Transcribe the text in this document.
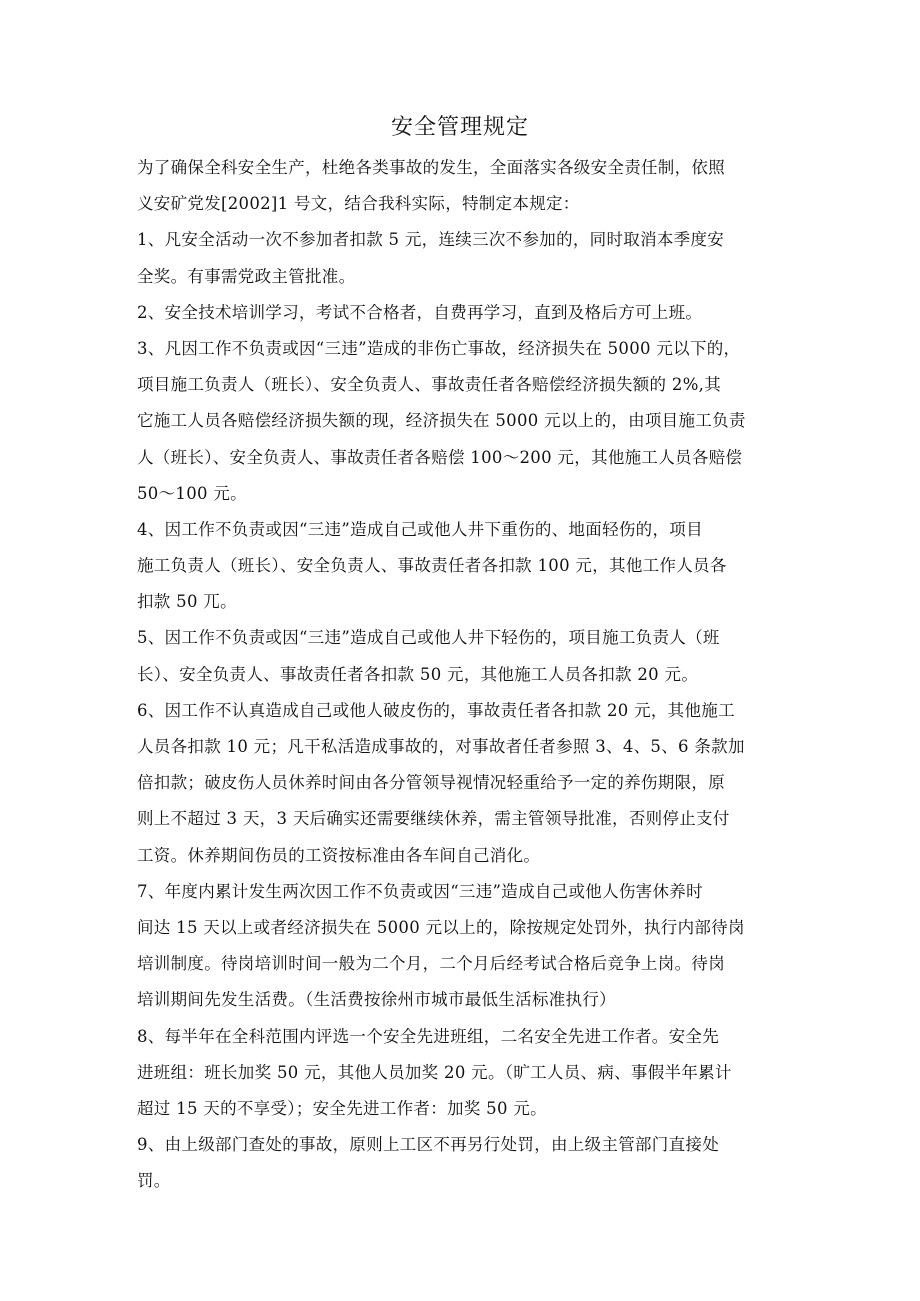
安全管理规定
为了确保全科安全生产，杜绝各类事故的发生，全面落实各级安全责任制，依照
义安矿党发[2002]1 号文，结合我科实际，特制定本规定：
1、凡安全活动一次不参加者扣款 5 元，连续三次不参加的，同时取消本季度安
全奖。有事需党政主管批准。
2、安全技术培训学习，考试不合格者，自费再学习，直到及格后方可上班。
3、凡因工作不负责或因“三违”造成的非伤亡事故，经济损失在 5000 元以下的，
项目施工负责人（班长）、安全负责人、事故责任者各赔偿经济损失额的 2%,其
它施工人员各赔偿经济损失额的现，经济损失在 5000 元以上的，由项目施工负责
人（班长）、安全负责人、事故责任者各赔偿 100～200 元，其他施工人员各赔偿
50～100 元。
4、因工作不负责或因“三违”造成自己或他人井下重伤的、地面轻伤的，项目
施工负责人（班长）、安全负责人、事故责任者各扣款 100 元，其他工作人员各
扣款 50 兀。
5、因工作不负责或因“三违”造成自己或他人井下轻伤的，项目施工负责人（班
长）、安全负责人、事故责任者各扣款 50 元，其他施工人员各扣款 20 元。
6、因工作不认真造成自己或他人破皮伤的，事故责任者各扣款 20 元，其他施工
人员各扣款 10 元；凡干私活造成事故的，对事故者任者参照 3、4、5、6 条款加
倍扣款；破皮伤人员休养时间由各分管领导视情况轻重给予一定的养伤期限，原
则上不超过 3 天，3 天后确实还需要继续休养，需主管领导批准，否则停止支付
工资。休养期间伤员的工资按标准由各车间自己消化。
7、年度内累计发生两次因工作不负责或因“三违”造成自己或他人伤害休养时
间达 15 天以上或者经济损失在 5000 元以上的，除按规定处罚外，执行内部待岗
培训制度。待岗培训时间一般为二个月，二个月后经考试合格后竞争上岗。待岗
培训期间先发生活费。（生活费按徐州市城市最低生活标准执行）
8、每半年在全科范围内评选一个安全先进班组，二名安全先进工作者。安全先
进班组：班长加奖 50 元，其他人员加奖 20 元。（旷工人员、病、事假半年累计
超过 15 天的不享受）；安全先进工作者：加奖 50 元。
9、由上级部门查处的事故，原则上工区不再另行处罚，由上级主管部门直接处
罚。
